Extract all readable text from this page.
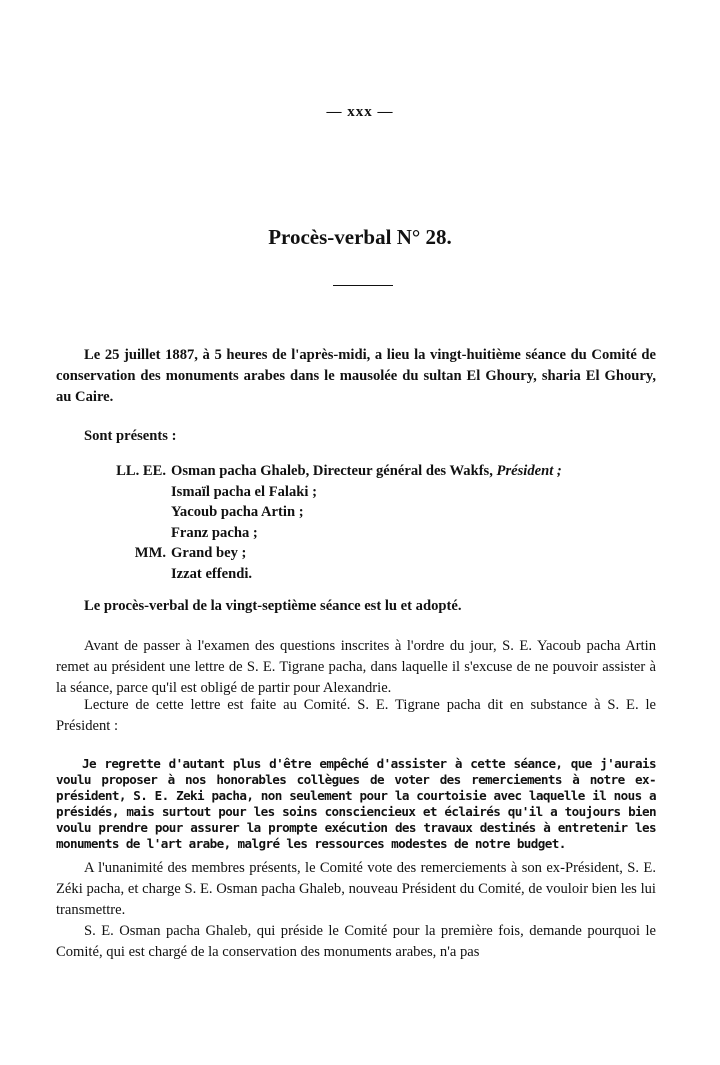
— xxx —
Procès-verbal N° 28.

Le 25 juillet 1887, à 5 heures de l'après-midi, a lieu la vingt-huitième séance du Comité de conservation des monuments arabes dans le mausolée du sultan El Ghoury, sharia El Ghoury, au Caire.

Sont présents :

LL. EE. Osman pacha Ghaleb, Directeur général des Wakfs, Président ;
Ismaïl pacha el Falaki ;
Yacoub pacha Artin ;
Franz pacha ;
MM. Grand bey ;
Izzat effendi.

Le procès-verbal de la vingt-septième séance est lu et adopté.

Avant de passer à l'examen des questions inscrites à l'ordre du jour, S. E. Yacoub pacha Artin remet au président une lettre de S. E. Tigrane pacha, dans laquelle il s'excuse de ne pouvoir assister à la séance, parce qu'il est obligé de partir pour Alexandrie.

Lecture de cette lettre est faite au Comité. S. E. Tigrane pacha dit en substance à S. E. le Président :

Je regrette d'autant plus d'être empêché d'assister à cette séance, que j'aurais voulu proposer à nos honorables collègues de voter des remerciements à notre ex-président, S. E. Zeki pacha, non seulement pour la courtoisie avec laquelle il nous a présidés, mais surtout pour les soins consciencieux et éclairés qu'il a toujours bien voulu prendre pour assurer la prompte exécution des travaux destinés à entretenir les monuments de l'art arabe, malgré les ressources modestes de notre budget.

A l'unanimité des membres présents, le Comité vote des remerciements à son ex-Président, S. E. Zéki pacha, et charge S. E. Osman pacha Ghaleb, nouveau Président du Comité, de vouloir bien les lui transmettre.

S. E. Osman pacha Ghaleb, qui préside le Comité pour la première fois, demande pourquoi le Comité, qui est chargé de la conservation des monuments arabes, n'a pas
